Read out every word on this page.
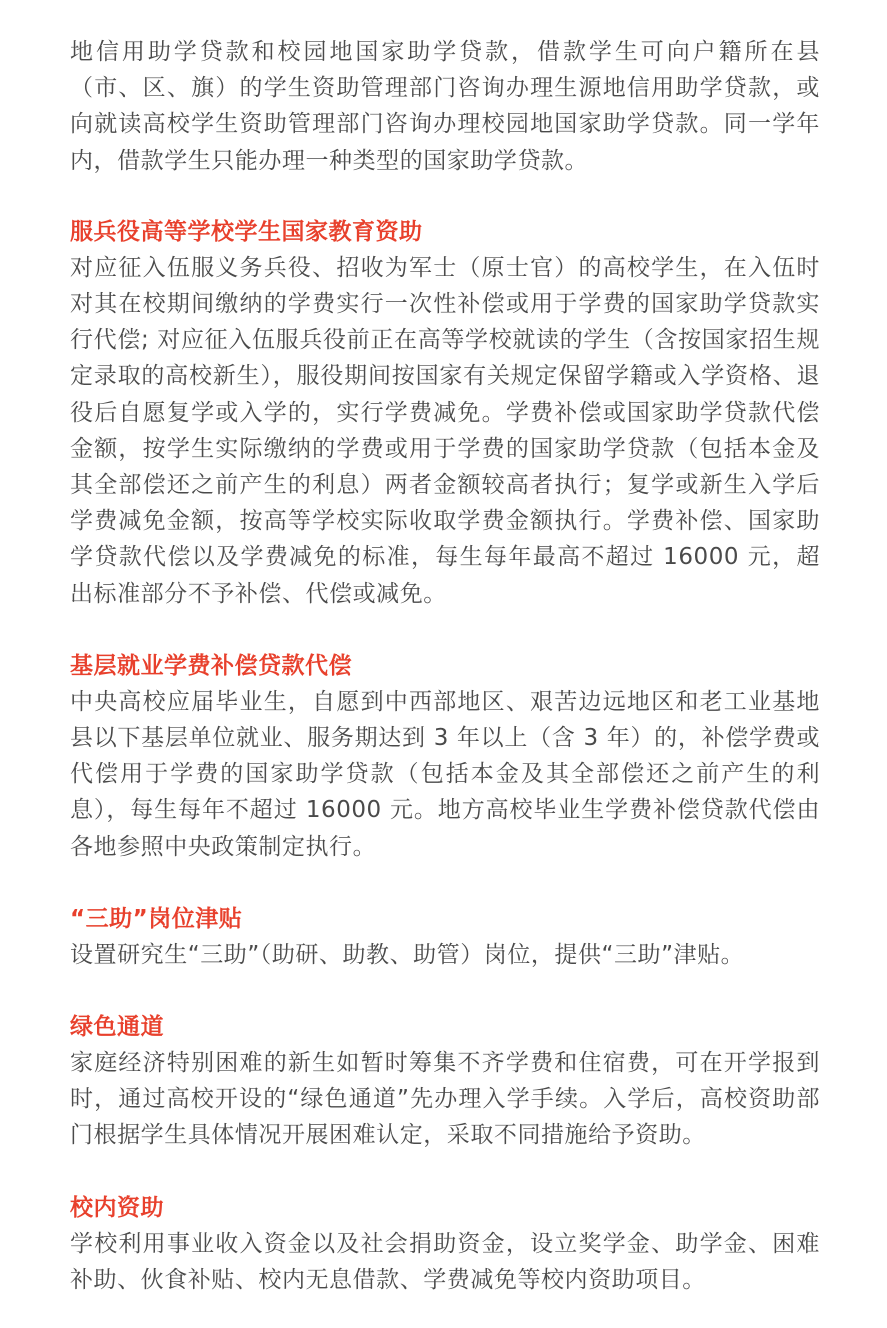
地信用助学贷款和校园地国家助学贷款，借款学生可向户籍所在县（市、区、旗）的学生资助管理部门咨询办理生源地信用助学贷款，或向就读高校学生资助管理部门咨询办理校园地国家助学贷款。同一学年内，借款学生只能办理一种类型的国家助学贷款。

服兵役高等学校学生国家教育资助

对应征入伍服义务兵役、招收为军士（原士官）的高校学生，在入伍时对其在校期间缴纳的学费实行一次性补偿或用于学费的国家助学贷款实行代偿; 对应征入伍服兵役前正在高等学校就读的学生（含按国家招生规定录取的高校新生），服役期间按国家有关规定保留学籍或入学资格、退役后自愿复学或入学的，实行学费减免。学费补偿或国家助学贷款代偿金额，按学生实际缴纳的学费或用于学费的国家助学贷款（包括本金及其全部偿还之前产生的利息）两者金额较高者执行；复学或新生入学后学费减免金额，按高等学校实际收取学费金额执行。学费补偿、国家助学贷款代偿以及学费减免的标准，每生每年最高不超过 16000 元，超出标准部分不予补偿、代偿或减免。

基层就业学费补偿贷款代偿

中央高校应届毕业生，自愿到中西部地区、艰苦边远地区和老工业基地县以下基层单位就业、服务期达到 3 年以上（含 3 年）的，补偿学费或代偿用于学费的国家助学贷款（包括本金及其全部偿还之前产生的利息），每生每年不超过 16000 元。地方高校毕业生学费补偿贷款代偿由各地参照中央政策制定执行。

“三助”岗位津贴

设置研究生“三助”（助研、助教、助管）岗位，提供“三助”津贴。

绿色通道

家庭经济特别困难的新生如暂时筹集不齐学费和住宿费，可在开学报到时，通过高校开设的“绿色通道”先办理入学手续。入学后，高校资助部门根据学生具体情况开展困难认定，采取不同措施给予资助。

校内资助

学校利用事业收入资金以及社会捐助资金，设立奖学金、助学金、困难补助、伙食补贴、校内无息借款、学费减免等校内资助项目。
